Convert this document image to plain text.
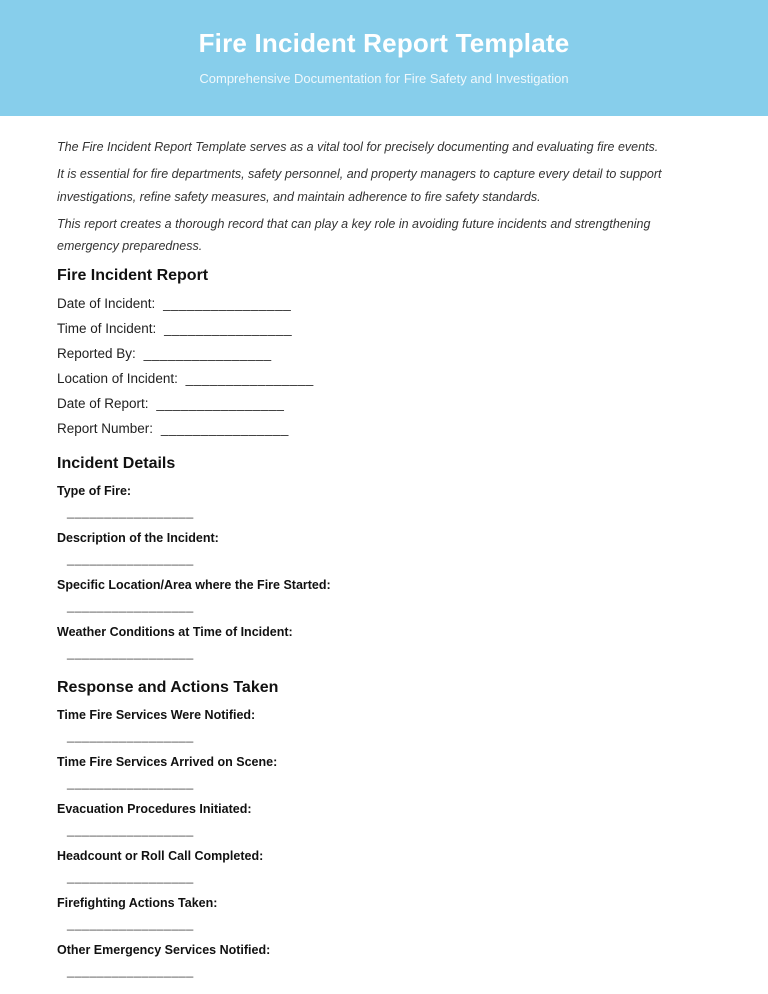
Fire Incident Report Template

Comprehensive Documentation for Fire Safety and Investigation

The Fire Incident Report Template serves as a vital tool for precisely documenting and evaluating fire events.

It is essential for fire departments, safety personnel, and property managers to capture every detail to support investigations, refine safety measures, and maintain adherence to fire safety standards.

This report creates a thorough record that can play a key role in avoiding future incidents and strengthening emergency preparedness.

Fire Incident Report

Date of Incident: ________________

Time of Incident: ________________

Reported By: ________________

Location of Incident: ________________

Date of Report: ________________

Report Number: ________________

Incident Details

Type of Fire:

_________________

Description of the Incident:

_________________

Specific Location/Area where the Fire Started:

_________________

Weather Conditions at Time of Incident:

_________________

Response and Actions Taken

Time Fire Services Were Notified:

_________________

Time Fire Services Arrived on Scene:

_________________

Evacuation Procedures Initiated:

_________________

Headcount or Roll Call Completed:

_________________

Firefighting Actions Taken:

_________________

Other Emergency Services Notified:

_________________
